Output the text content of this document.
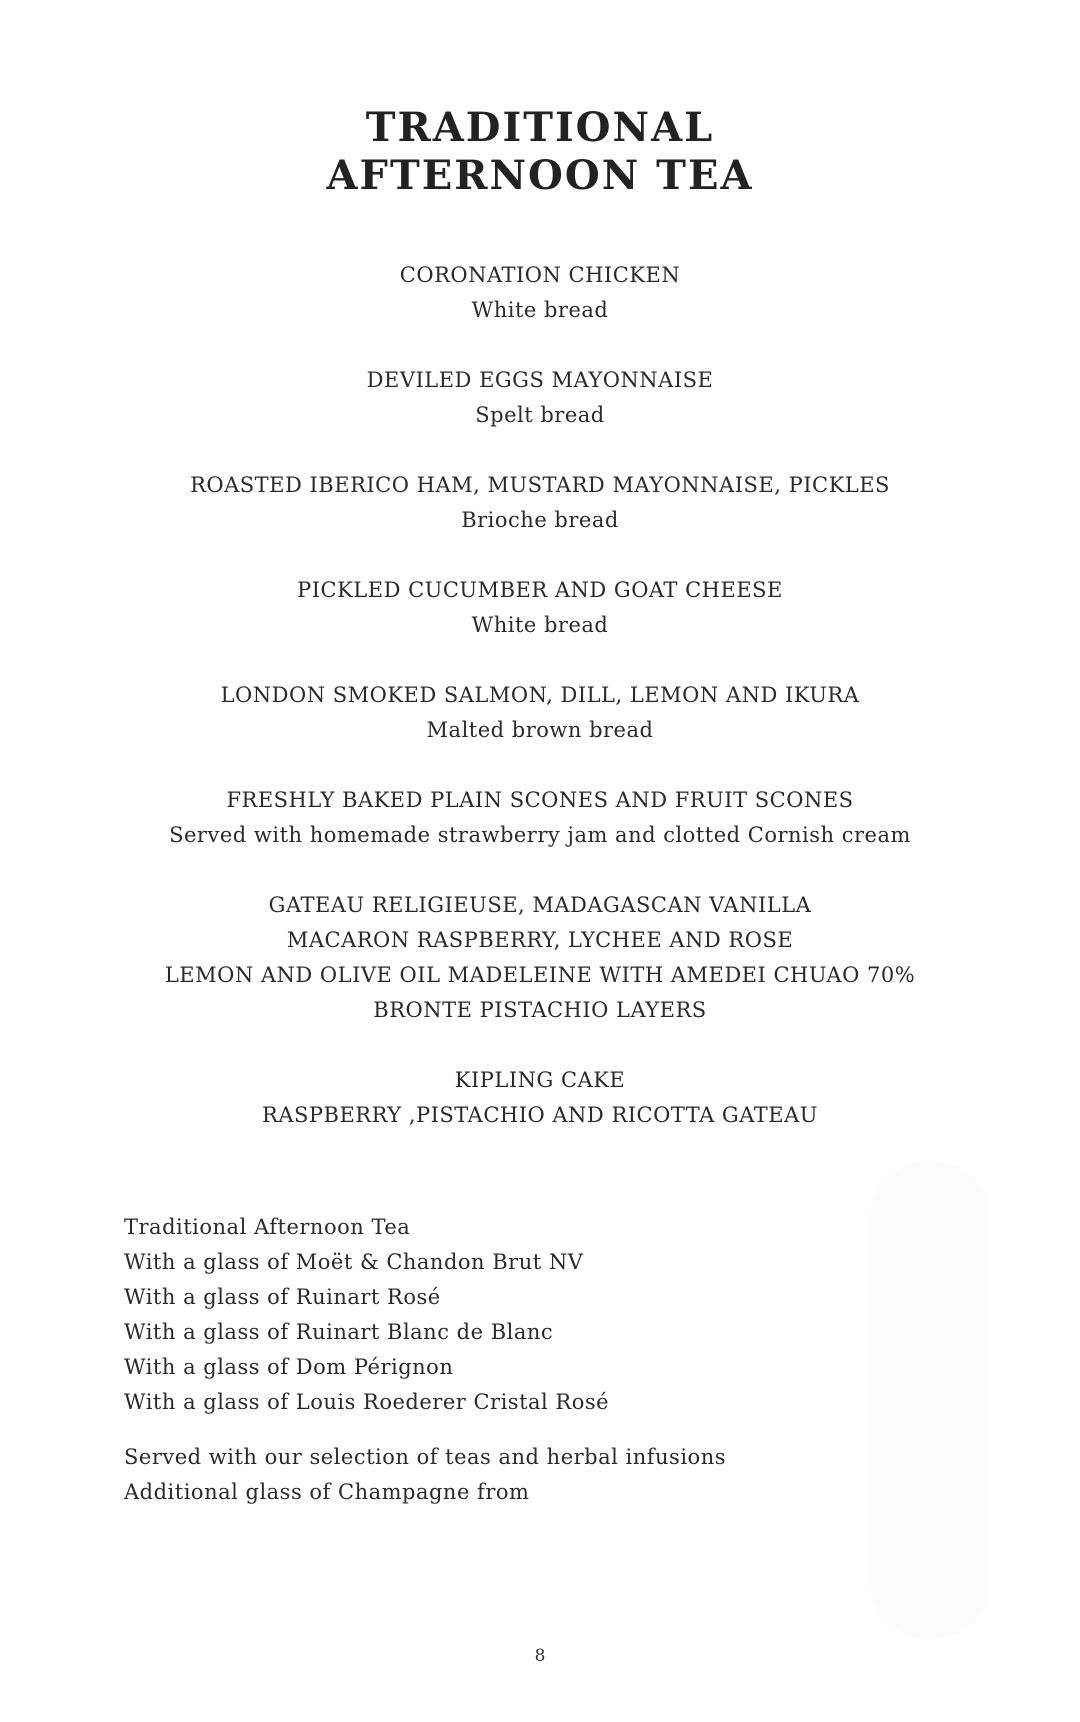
TRADITIONAL
AFTERNOON TEA
CORONATION CHICKEN
White bread
DEVILED EGGS MAYONNAISE
Spelt bread
ROASTED IBERICO HAM, MUSTARD MAYONNAISE, PICKLES
Brioche bread
PICKLED CUCUMBER AND GOAT CHEESE
White bread
LONDON SMOKED SALMON, DILL, LEMON AND IKURA
Malted brown bread
FRESHLY BAKED PLAIN SCONES AND FRUIT SCONES
Served with homemade strawberry jam and clotted Cornish cream
GATEAU RELIGIEUSE, MADAGASCAN VANILLA
MACARON RASPBERRY, LYCHEE AND ROSE
LEMON AND OLIVE OIL MADELEINE WITH AMEDEI CHUAO 70%
BRONTE PISTACHIO LAYERS
KIPLING CAKE
RASPBERRY ,PISTACHIO AND RICOTTA GATEAU
Traditional Afternoon Tea
With a glass of Moët & Chandon Brut NV
With a glass of Ruinart Rosé
With a glass of Ruinart Blanc de Blanc
With a glass of Dom Pérignon
With a glass of Louis Roederer Cristal Rosé
Served with our selection of teas and herbal infusions
Additional glass of Champagne from
8
